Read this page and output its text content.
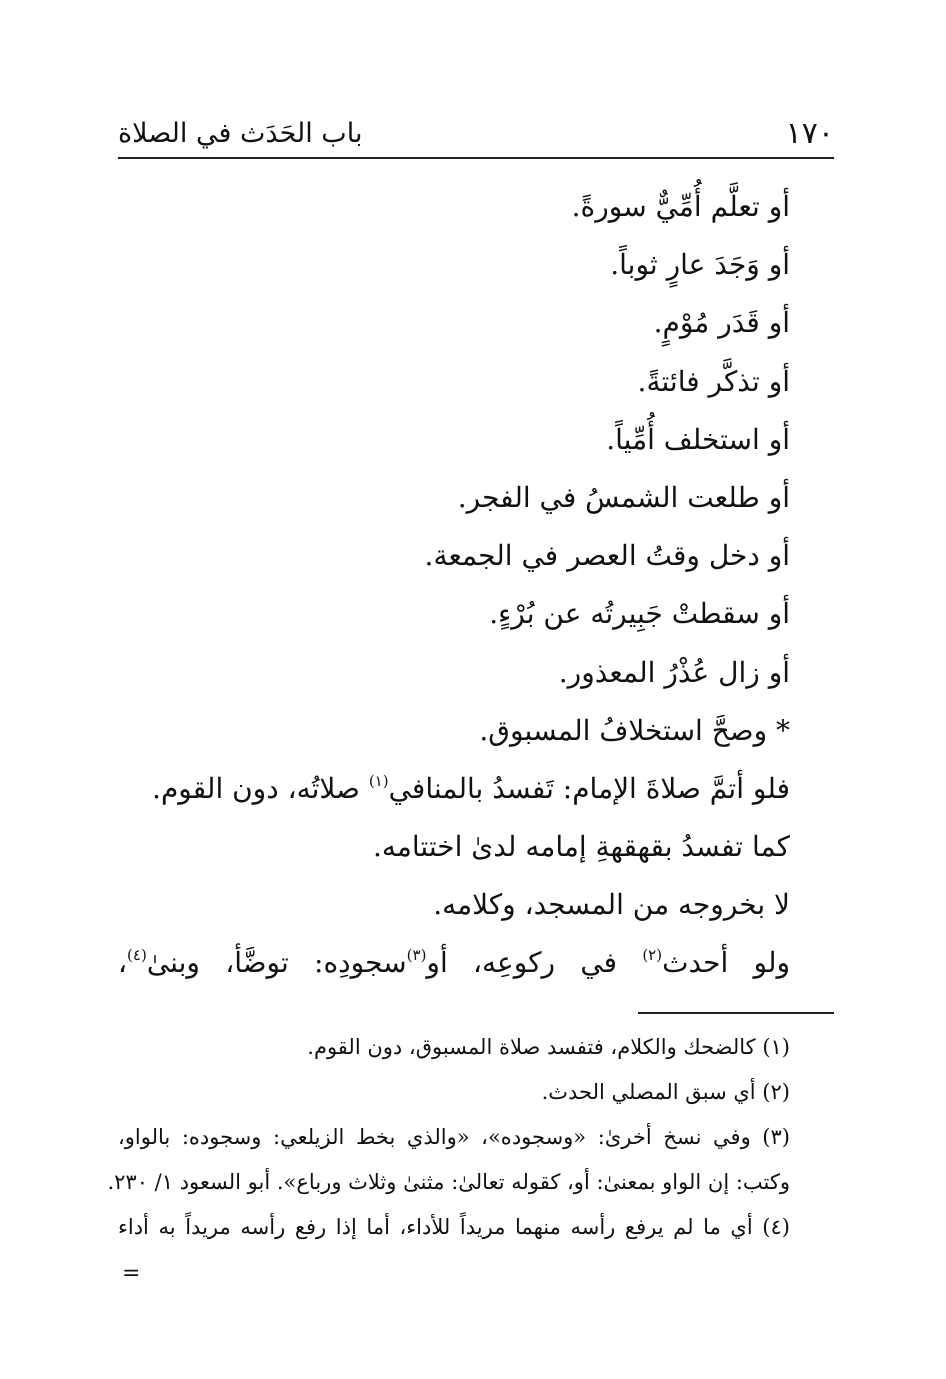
١٧٠
باب الحَدَث في الصلاة
أو تعلَّم أُمِّيٌّ سورةً.
أو وَجَدَ عارٍ ثوباً.
أو قَدَر مُوْمٍ.
أو تذكَّر فائتةً.
أو استخلف أُمِّياً.
أو طلعت الشمسُ في الفجر.
أو دخل وقتُ العصر في الجمعة.
أو سقطتْ جَبِيرتُه عن بُرْءٍ.
أو زال عُذْرُ المعذور.
* وصحَّ استخلافُ المسبوق.
فلو أتمَّ صلاةَ الإمام: تَفسدُ بالمنافي$^{(١)}$ صلاتُه، دون القوم.
كما تفسدُ بقهقهةِ إمامه لدىٰ اختتامه.
لا بخروجه من المسجد، وكلامه.
ولو أحدث$^{(٢)}$ في ركوعِه، أو$^{(٣)}$سجودِه: توضَّأ، وبنىٰ$^{(٤)}$،
(١) كالضحك والكلام، فتفسد صلاة المسبوق، دون القوم.
(٢) أي سبق المصلي الحدث.
(٣) وفي نسخ أخرىٰ: «وسجوده»، «والذي بخط الزيلعي: وسجوده: بالواو،
وكتب: إن الواو بمعنىٰ: أو، كقوله تعالىٰ: مثنىٰ وثلاث ورباع». أبو السعود ١/ ٢٣٠.
(٤) أي ما لم يرفع رأسه منهما مريداً للأداء، أما إذا رفع رأسه مريداً به أداء
=
